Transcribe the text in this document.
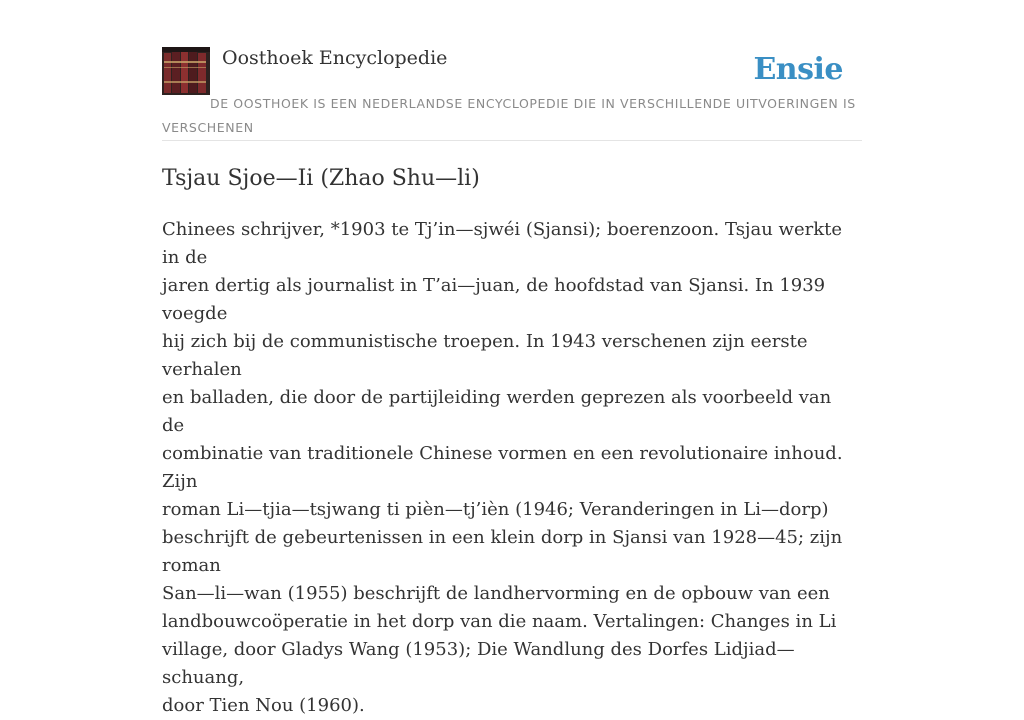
Oosthoek Encyclopedie	Ensie
DE OOSTHOEK IS EEN NEDERLANDSE ENCYCLOPEDIE DIE IN VERSCHILLENDE UITVOERINGEN IS VERSCHENEN
Tsjau Sjoe—Ii (Zhao Shu—li)

Chinees schrijver, *1903 te Tj’in—sjwéi (Sjansi); boerenzoon. Tsjau werkte in de
jaren dertig als journalist in T’ai—juan, de hoofdstad van Sjansi. In 1939 voegde
hij zich bij de communistische troepen. In 1943 verschenen zijn eerste verhalen
en balladen, die door de partijleiding werden geprezen als voorbeeld van de
combinatie van traditionele Chinese vormen en een revolutionaire inhoud. Zijn
roman Li—tjia—tsjwang ti pièn—tj’ièn (1946; Veranderingen in Li—dorp)
beschrijft de gebeurtenissen in een klein dorp in Sjansi van 1928—45; zijn roman
San—li—wan (1955) beschrijft de landhervorming en de opbouw van een
landbouwcoöperatie in het dorp van die naam. Vertalingen: Changes in Li
village, door Gladys Wang (1953); Die Wandlung des Dorfes Lidjiad—schuang,
door Tien Nou (1960).
